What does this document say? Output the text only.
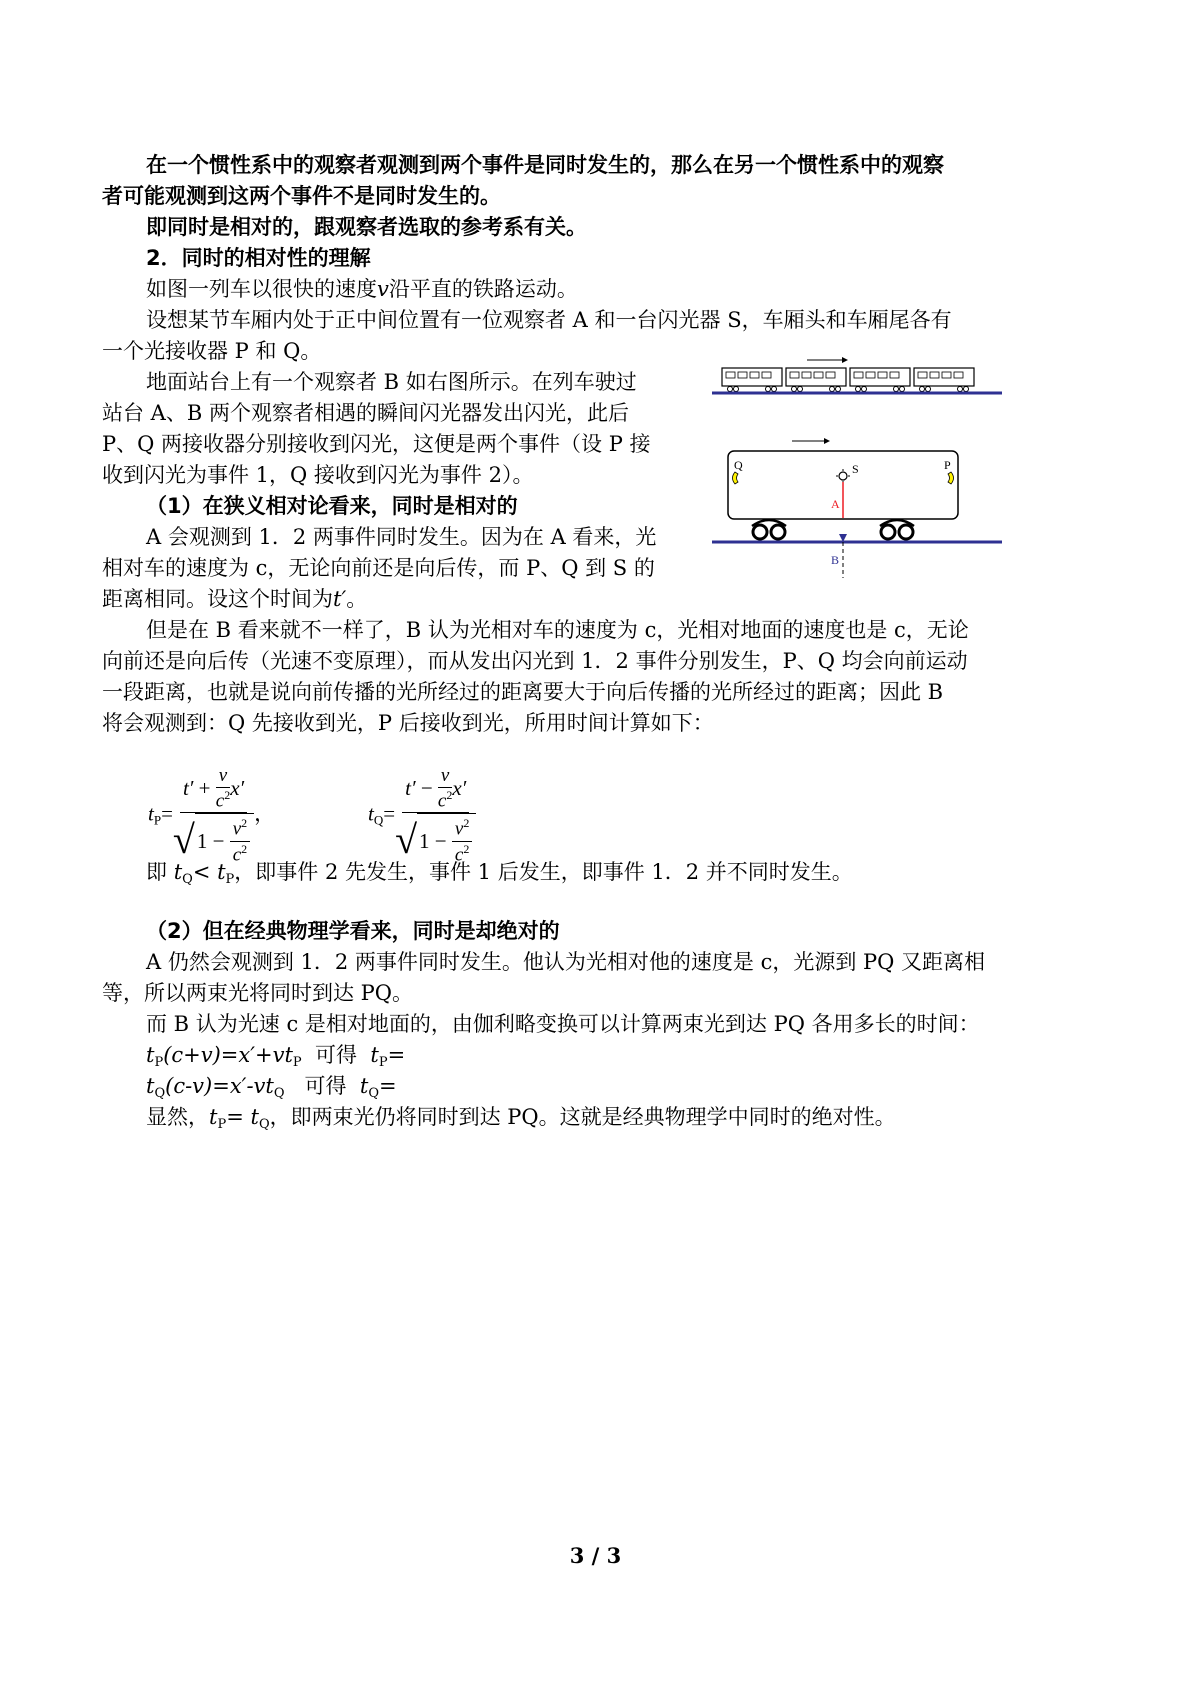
在一个惯性系中的观察者观测到两个事件是同时发生的，那么在另一个惯性系中的观察
者可能观测到这两个事件不是同时发生的。
即同时是相对的，跟观察者选取的参考系有关。
2．同时的相对性的理解
如图一列车以很快的速度v沿平直的铁路运动。
设想某节车厢内处于正中间位置有一位观察者 A 和一台闪光器 S，车厢头和车厢尾各有
一个光接收器 P 和 Q。
地面站台上有一个观察者 B 如右图所示。在列车驶过
站台 A、B 两个观察者相遇的瞬间闪光器发出闪光，此后
P、Q 两接收器分别接收到闪光，这便是两个事件（设 P 接
收到闪光为事件 1，Q 接收到闪光为事件 2）。
（1）在狭义相对论看来，同时是相对的
A 会观测到 1．2 两事件同时发生。因为在 A 看来，光
相对车的速度为 c，无论向前还是向后传，而 P、Q 到 S 的
距离相同。设这个时间为t′。
但是在 B 看来就不一样了，B 认为光相对车的速度为 c，光相对地面的速度也是 c，无论
向前还是向后传（光速不变原理），而从发出闪光到 1．2 事件分别发生，P、Q 均会向前运动
一段距离，也就是说向前传播的光所经过的距离要大于向后传播的光所经过的距离；因此 B
将会观测到：Q 先接收到光，P 后接收到光，所用时间计算如下：
Q	P
S
A
B
$t_P= t'$
+
$\frac{v}{c^2} x'$
√ 1 −
$\frac{v^2}{c^2}$ ，	$t_Q= t'$
−
$\frac{v}{c^2} x'$
√ 1 −
$\frac{v^2}{c^2}$
即 $t_Q< t_P$，即事件 2 先发生，事件 1 后发生，即事件 1．2 并不同时发生。
（2）但在经典物理学看来，同时是却绝对的
A 仍然会观测到 1．2 两事件同时发生。他认为光相对他的速度是 c，光源到 PQ 又距离相
等，所以两束光将同时到达 PQ。
而 B 认为光速 c 是相对地面的，由伽利略变换可以计算两束光到达 PQ 各用多长的时间：
$t_P(c+v)=x'+vt_P$ 可得 $t_P=$
$t_Q(c-v)=x'-vt_Q$ 可得 $t_Q=$
显然，$t_P= t_Q$，即两束光仍将同时到达 PQ。这就是经典物理学中同时的绝对性。
3 / 3
